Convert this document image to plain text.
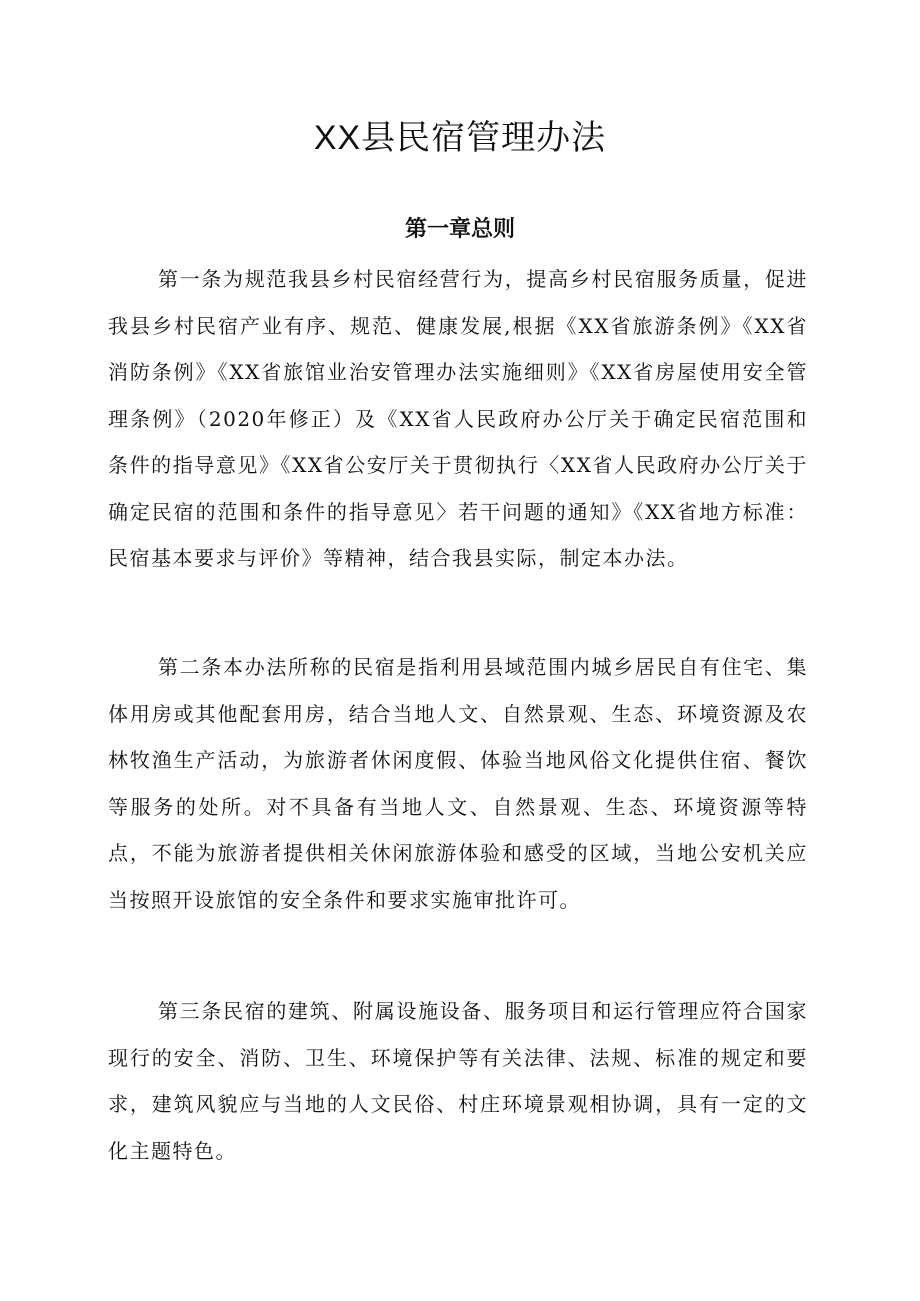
XX县民宿管理办法
第一章总则

第一条为规范我县乡村民宿经营行为，提高乡村民宿服务质量，促进我县乡村民宿产业有序、规范、健康发展,根据《XX省旅游条例》《XX省消防条例》《XX省旅馆业治安管理办法实施细则》《XX省房屋使用安全管理条例》（2020年修正）及《XX省人民政府办公厅关于确定民宿范围和条件的指导意见》《XX省公安厅关于贯彻执行〈XX省人民政府办公厅关于确定民宿的范围和条件的指导意见〉若干问题的通知》《XX省地方标准：民宿基本要求与评价》等精神，结合我县实际，制定本办法。

第二条本办法所称的民宿是指利用县域范围内城乡居民自有住宅、集体用房或其他配套用房，结合当地人文、自然景观、生态、环境资源及农林牧渔生产活动，为旅游者休闲度假、体验当地风俗文化提供住宿、餐饮等服务的处所。对不具备有当地人文、自然景观、生态、环境资源等特点，不能为旅游者提供相关休闲旅游体验和感受的区域，当地公安机关应当按照开设旅馆的安全条件和要求实施审批许可。

第三条民宿的建筑、附属设施设备、服务项目和运行管理应符合国家现行的安全、消防、卫生、环境保护等有关法律、法规、标准的规定和要求，建筑风貌应与当地的人文民俗、村庄环境景观相协调，具有一定的文化主题特色。
